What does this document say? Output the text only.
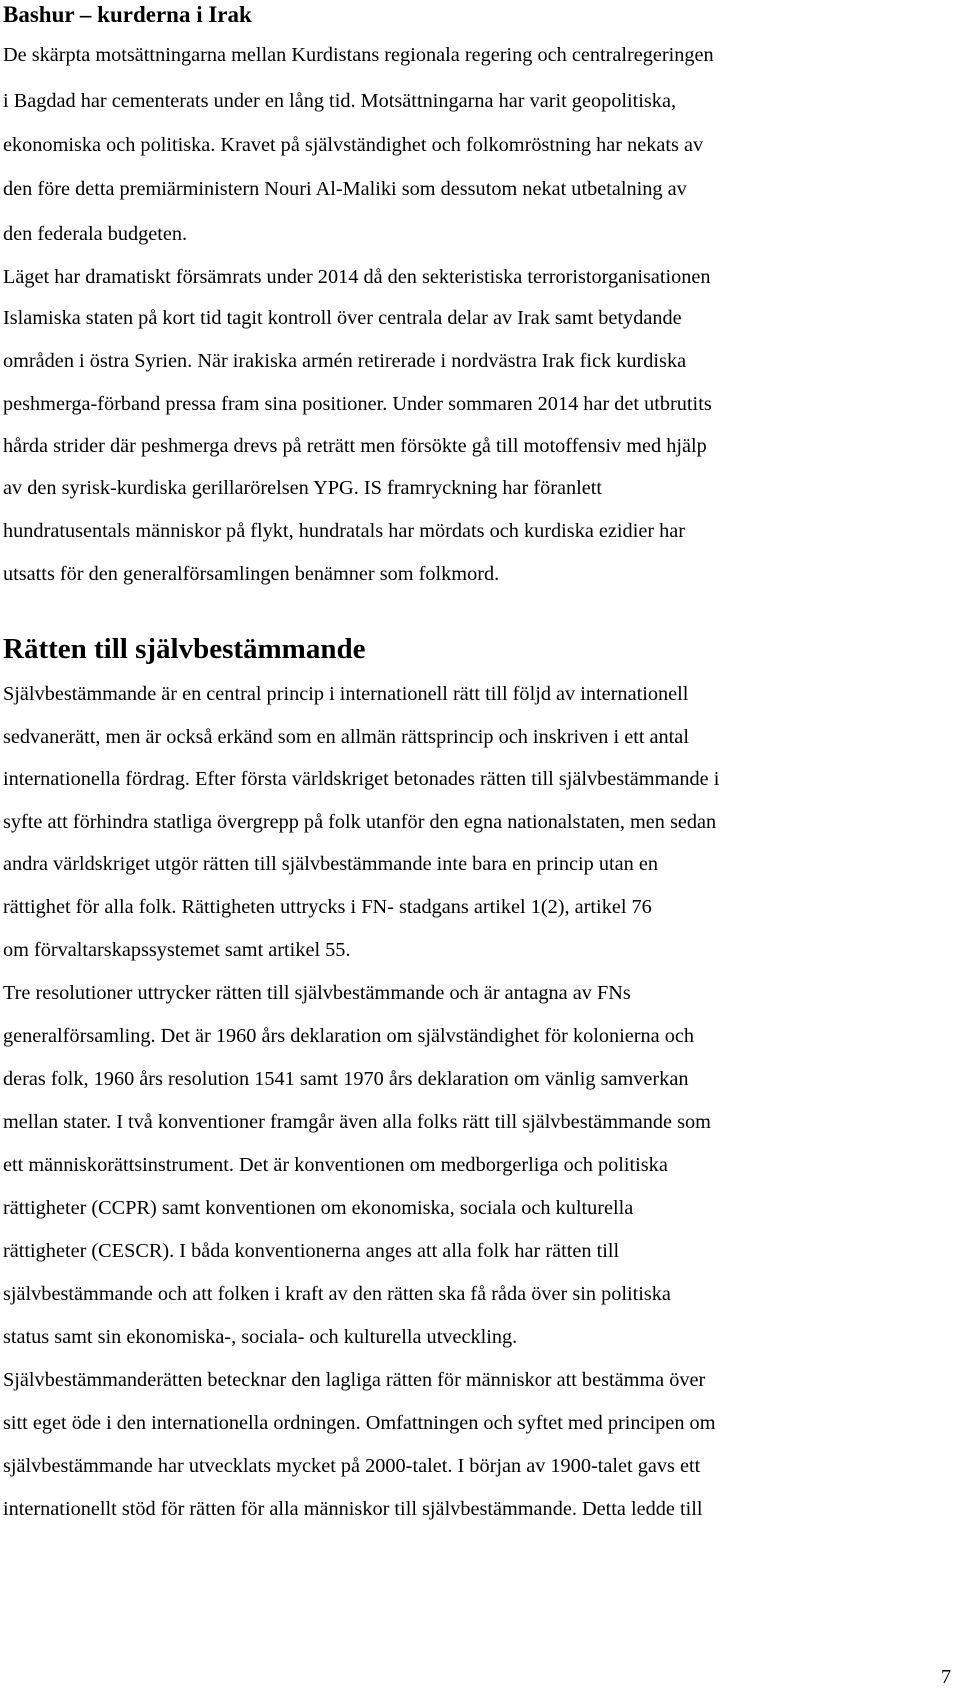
Bashur – kurderna i Irak

De skärpta motsättningarna mellan Kurdistans regionala regering och centralregeringen

i Bagdad har cementerats under en lång tid. Motsättningarna har varit geopolitiska,

ekonomiska och politiska. Kravet på självständighet och folkomröstning har nekats av

den före detta premiärministern Nouri Al-Maliki som dessutom nekat utbetalning av

den federala budgeten.

Läget har dramatiskt försämrats under 2014 då den sekteristiska terroristorganisationen

Islamiska staten på kort tid tagit kontroll över centrala delar av Irak samt betydande

områden i östra Syrien. När irakiska armén retirerade i nordvästra Irak fick kurdiska

peshmerga-förband pressa fram sina positioner. Under sommaren 2014 har det utbrutits

hårda strider där peshmerga drevs på reträtt men försökte gå till motoffensiv med hjälp

av den syrisk-kurdiska gerillarörelsen YPG. IS framryckning har föranlett

hundratusentals människor på flykt, hundratals har mördats och kurdiska ezidier har

utsatts för den generalförsamlingen benämner som folkmord.

Rätten till självbestämmande

Självbestämmande är en central princip i internationell rätt till följd av internationell

sedvanerätt, men är också erkänd som en allmän rättsprincip och inskriven i ett antal

internationella fördrag. Efter första världskriget betonades rätten till självbestämmande i

syfte att förhindra statliga övergrepp på folk utanför den egna nationalstaten, men sedan

andra världskriget utgör rätten till självbestämmande inte bara en princip utan en

rättighet för alla folk. Rättigheten uttrycks i FN- stadgans artikel 1(2), artikel 76

om förvaltarskapssystemet samt artikel 55.

Tre resolutioner uttrycker rätten till självbestämmande och är antagna av FNs

generalförsamling. Det är 1960 års deklaration om självständighet för kolonierna och

deras folk, 1960 års resolution 1541 samt 1970 års deklaration om vänlig samverkan

mellan stater. I två konventioner framgår även alla folks rätt till självbestämmande som

ett människorättsinstrument. Det är konventionen om medborgerliga och politiska

rättigheter (CCPR) samt konventionen om ekonomiska, sociala och kulturella

rättigheter (CESCR). I båda konventionerna anges att alla folk har rätten till

självbestämmande och att folken i kraft av den rätten ska få råda över sin politiska

status samt sin ekonomiska-, sociala- och kulturella utveckling.

Självbestämmanderätten betecknar den lagliga rätten för människor att bestämma över

sitt eget öde i den internationella ordningen. Omfattningen och syftet med principen om

självbestämmande har utvecklats mycket på 2000-talet. I början av 1900-talet gavs ett

internationellt stöd för rätten för alla människor till självbestämmande. Detta ledde till

7
